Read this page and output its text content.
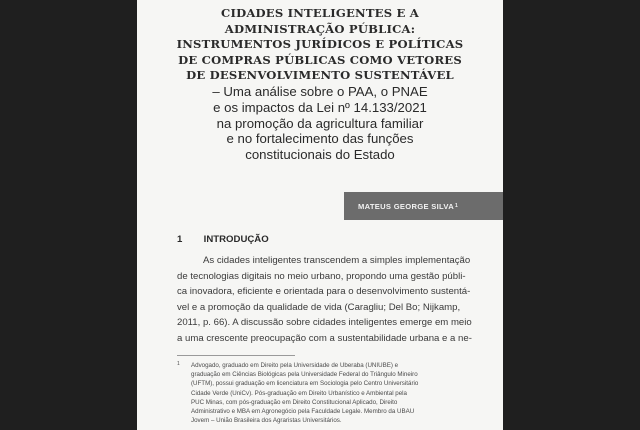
CIDADES INTELIGENTES E A

ADMINISTRAÇÃO PÚBLICA:

INSTRUMENTOS JURÍDICOS E POLÍTICAS

DE COMPRAS PÚBLICAS COMO VETORES

DE DESENVOLVIMENTO SUSTENTÁVEL

– Uma análise sobre o PAA, o PNAE

e os impactos da Lei nº 14.133/2021

na promoção da agricultura familiar

e no fortalecimento das funções

constitucionais do Estado

MATEUS GEORGE SILVA 1
1 INTRODUÇÃO
As cidades inteligentes transcendem a simples implementação
de tecnologias digitais no meio urbano, propondo uma gestão públi-
ca inovadora, eficiente e orientada para o desenvolvimento sustentá-
vel e a promoção da qualidade de vida (Caragliu; Del Bo; Nijkamp,
2011, p. 66). A discussão sobre cidades inteligentes emerge em meio
a uma crescente preocupação com a sustentabilidade urbana e a ne-
1	Advogado, graduado em Direito pela Universidade de Uberaba (UNIUBE) e
graduação em Ciências Biológicas pela Universidade Federal do Triângulo Mineiro
(UFTM), possui graduação em licenciatura em Sociologia pelo Centro Universitário
Cidade Verde (UniCv). Pós-graduação em Direito Urbanístico e Ambiental pela
PUC Minas, com pós-graduação em Direito Constitucional Aplicado, Direito
Administrativo e MBA em Agronegócio pela Faculdade Legale. Membro da UBAU
Jovem – União Brasileira dos Agraristas Universitários.
